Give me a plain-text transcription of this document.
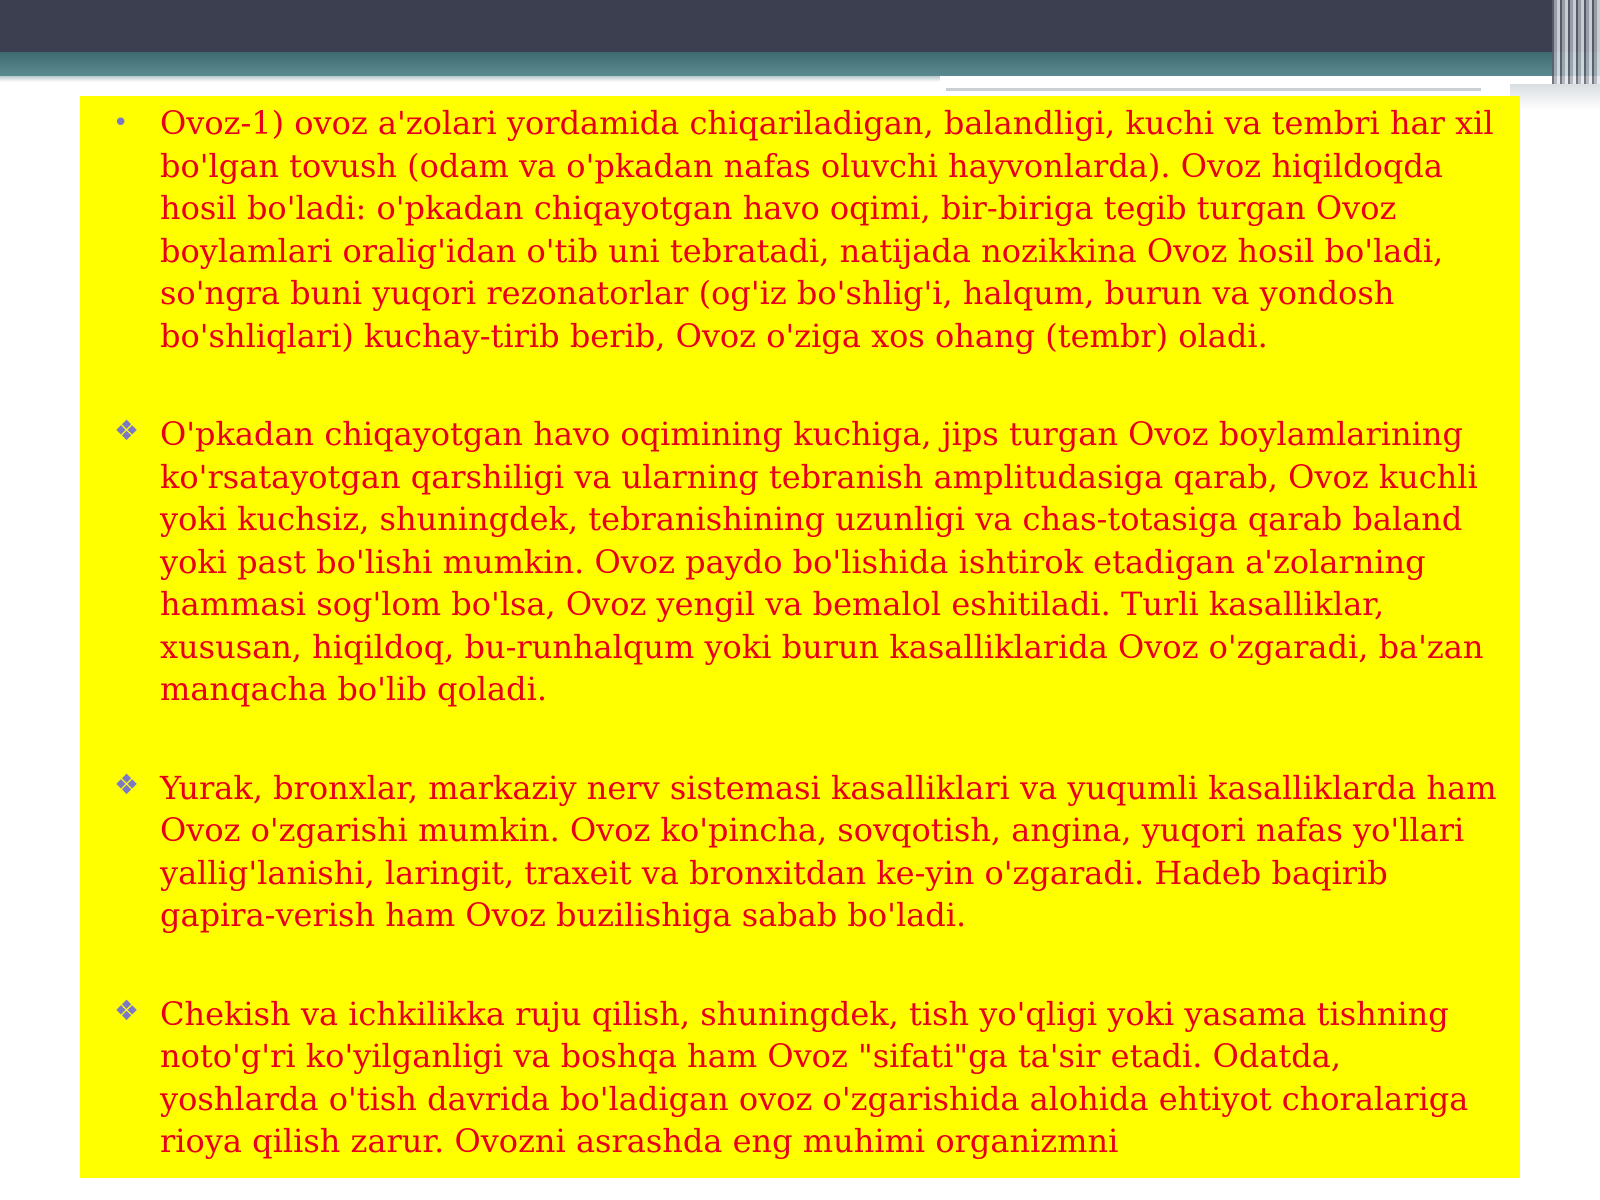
• Ovoz-1) ovoz a'zolari yordamida chiqariladigan, balandligi, kuchi va tembri har xil bo'lgan tovush (odam va o'pkadan nafas oluvchi hayvonlarda). Ovoz hiqildoqda hosil bo'ladi: o'pkadan chiqayotgan havo oqimi, bir-biriga tegib turgan Ovoz boylamlari oralig'idan o'tib uni tebratadi, natijada nozikkina Ovoz hosil bo'ladi, so'ngra buni yuqori rezonatorlar (og'iz bo'shlig'i, halqum, burun va yondosh bo'shliqlari) kuchay-tirib berib, Ovoz o'ziga xos ohang (tembr) oladi.
❖ O'pkadan chiqayotgan havo oqimining kuchiga, jips turgan Ovoz boylamlarining ko'rsatayotgan qarshiligi va ularning tebranish amplitudasiga qarab, Ovoz kuchli yoki kuchsiz, shuningdek, tebranishining uzunligi va chas-totasiga qarab baland yoki past bo'lishi mumkin. Ovoz paydo bo'lishida ishtirok etadigan a'zolarning hammasi sog'lom bo'lsa, Ovoz yengil va bemalol eshitiladi. Turli kasalliklar, xususan, hiqildoq, bu-runhalqum yoki burun kasalliklarida Ovoz o'zgaradi, ba'zan manqacha bo'lib qoladi.
❖ Yurak, bronxlar, markaziy nerv sistemasi kasalliklari va yuqumli kasalliklarda ham Ovoz o'zgarishi mumkin. Ovoz ko'pincha, sovqotish, angina, yuqori nafas yo'llari yallig'lanishi, laringit, traxeit va bronxitdan ke-yin o'zgaradi. Hadeb baqirib gapira-verish ham Ovoz buzilishiga sabab bo'ladi.
❖ Chekish va ichkilikka ruju qilish, shuningdek, tish yo'qligi yoki yasama tishning noto'g'ri ko'yilganligi va boshqa ham Ovoz "sifati"ga ta'sir etadi. Odatda, yoshlarda o'tish davrida bo'ladigan ovoz o'zgarishida alohida ehtiyot choralariga rioya qilish zarur. Ovozni asrashda eng muhimi organizmni
